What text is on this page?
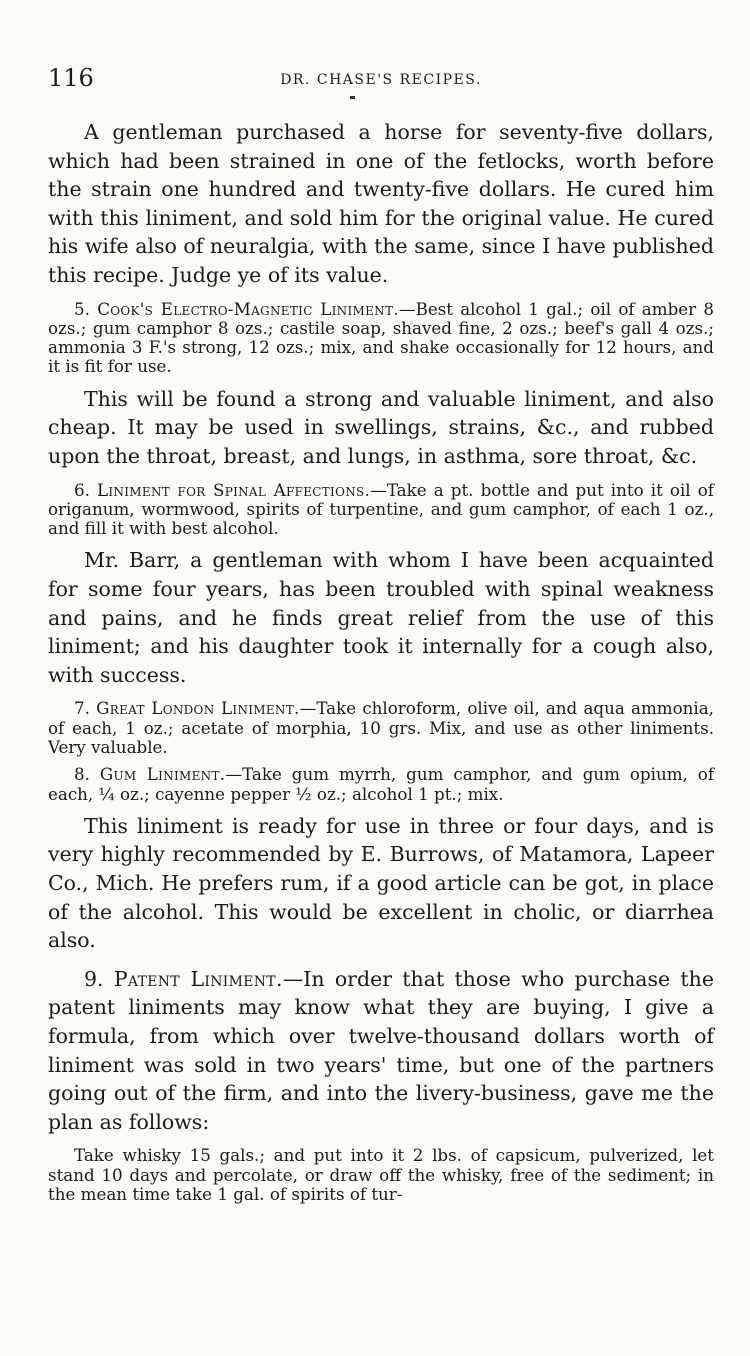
116	DR. CHASE'S RECIPES.

A gentleman purchased a horse for seventy-five dollars, which had been strained in one of the fetlocks, worth before the strain one hundred and twenty-five dollars. He cured him with this liniment, and sold him for the original value. He cured his wife also of neuralgia, with the same, since I have published this recipe. Judge ye of its value.

5. Cook's Electro-Magnetic Liniment.—Best alcohol 1 gal.; oil of amber 8 ozs.; gum camphor 8 ozs.; castile soap, shaved fine, 2 ozs.; beef's gall 4 ozs.; ammonia 3 F.'s strong, 12 ozs.; mix, and shake occasionally for 12 hours, and it is fit for use.

This will be found a strong and valuable liniment, and also cheap. It may be used in swellings, strains, &c., and rubbed upon the throat, breast, and lungs, in asthma, sore throat, &c.

6. Liniment for Spinal Affections.—Take a pt. bottle and put into it oil of origanum, wormwood, spirits of turpentine, and gum camphor, of each 1 oz., and fill it with best alcohol.

Mr. Barr, a gentleman with whom I have been acquainted for some four years, has been troubled with spinal weakness and pains, and he finds great relief from the use of this liniment; and his daughter took it internally for a cough also, with success.

7. Great London Liniment.—Take chloroform, olive oil, and aqua ammonia, of each, 1 oz.; acetate of morphia, 10 grs. Mix, and use as other liniments. Very valuable.

8. Gum Liniment.—Take gum myrrh, gum camphor, and gum opium, of each, ¼ oz.; cayenne pepper ½ oz.; alcohol 1 pt.; mix.

This liniment is ready for use in three or four days, and is very highly recommended by E. Burrows, of Matamora, Lapeer Co., Mich. He prefers rum, if a good article can be got, in place of the alcohol. This would be excellent in cholic, or diarrhea also.

9. Patent Liniment.—In order that those who purchase the patent liniments may know what they are buying, I give a formula, from which over twelve-thousand dollars worth of liniment was sold in two years' time, but one of the partners going out of the firm, and into the livery-business, gave me the plan as follows:

Take whisky 15 gals.; and put into it 2 lbs. of capsicum, pulverized, let stand 10 days and percolate, or draw off the whisky, free of the sediment; in the mean time take 1 gal. of spirits of tur-
